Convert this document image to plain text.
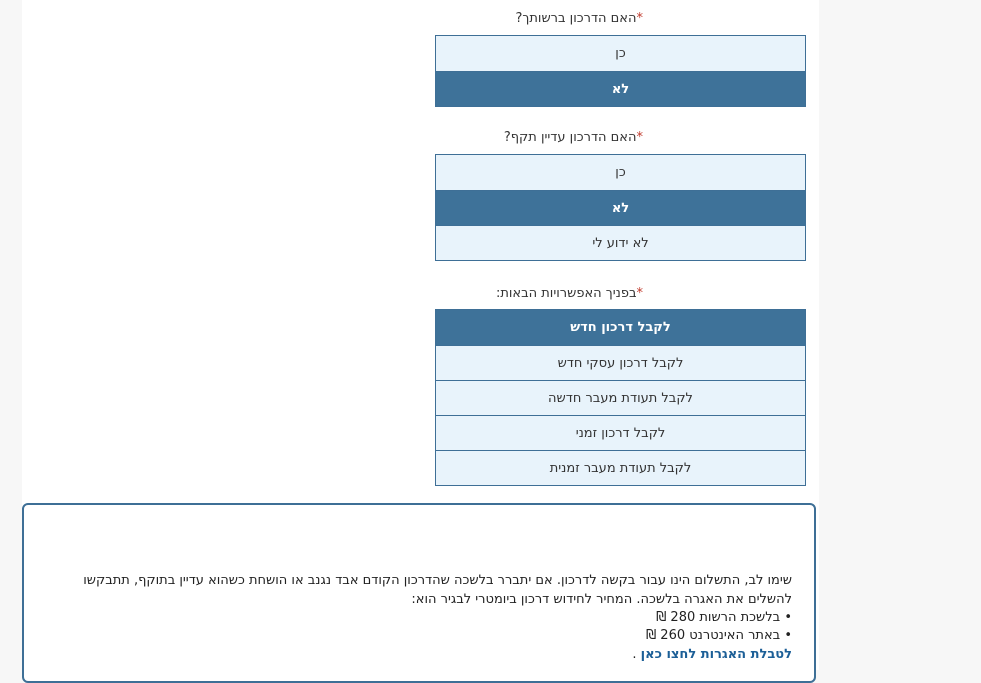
*האם הדרכון ברשותך?
כן
לא
*האם הדרכון עדיין תקף?
כן
לא
לא ידוע לי
*בפניך האפשרויות הבאות:
לקבל דרכון חדש
לקבל דרכון עסקי חדש
לקבל תעודת מעבר חדשה
לקבל דרכון זמני
לקבל תעודת מעבר זמנית
שימו לב, התשלום הינו עבור בקשה לדרכון. אם יתברר בלשכה שהדרכון הקודם אבד נגנב או הושחת כשהוא עדיין בתוקף, תתבקשו להשלים את האגרה בלשכה. המחיר לחידוש דרכון ביומטרי לבגיר הוא:
• בלשכת הרשות 280 ₪
• באתר האינטרנט 260 ₪
לטבלת האגרות לחצו כאן .
